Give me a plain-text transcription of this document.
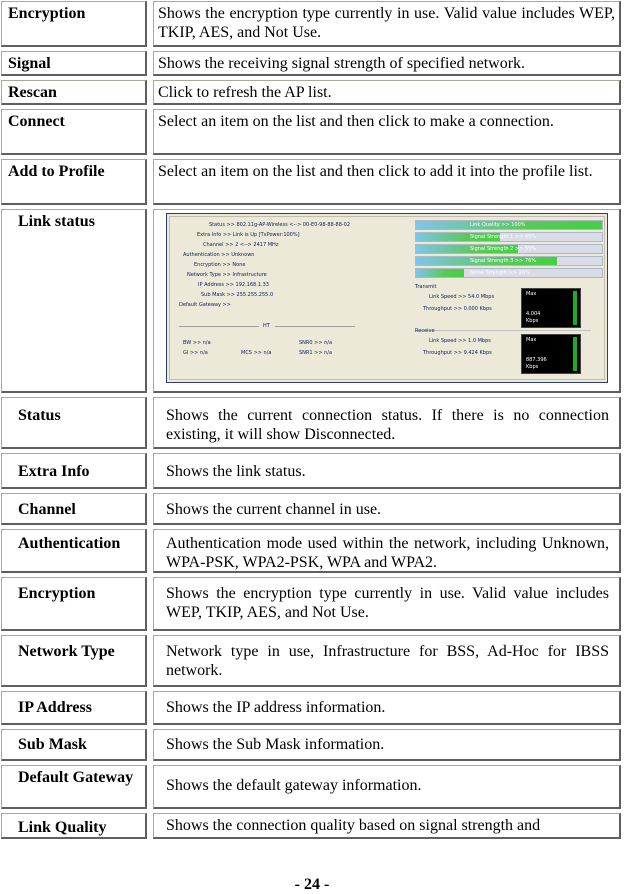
Encryption	Shows the encryption type currently in use. Valid value includes WEP, TKIP, AES, and Not Use.
Signal	Shows the receiving signal strength of specified network.
Rescan	Click to refresh the AP list.
Connect	Select an item on the list and then click to make a connection.
Add to Profile	Select an item on the list and then click to add it into the profile list.
Link status	Status >> 802.11g-AP-Wireless <--> 00-E0-98-88-88-02
Extra Info >> Link is Up [TxPower:100%]
Channel >> 2 <--> 2417 MHz
Authentication >> Unknown
Encryption >> None
Network Type >> Infrastructure
IP Address >> 192.168.1.33
Sub Mask >> 255.255.255.0
Default Gateway >>
HT
BW >> n/a
GI >> n/a	MCS >> n/a
SNR0 >> n/a
SNR1 >> n/a
Link Quality >> 100%
Signal Strength 1 >> 45%
Signal Strength 2 >> 55%
Signal Strength 3 >> 76%
Noise Strength >> 26%
Transmit
Link Speed >> 54.0 Mbps
Throughput >> 0.000 Kbps
Max
4.004
Kbps
Receive
Link Speed >> 1.0 Mbps
Throughput >> 9.424 Kbps
Max
887.396
Kbps
Status	Shows the current connection status. If there is no connection existing, it will show Disconnected.
Extra Info	Shows the link status.
Channel	Shows the current channel in use.
Authentication	Authentication mode used within the network, including Unknown, WPA-PSK, WPA2-PSK, WPA and WPA2.
Encryption	Shows the encryption type currently in use. Valid value includes WEP, TKIP, AES, and Not Use.
Network Type	Network type in use, Infrastructure for BSS, Ad-Hoc for IBSS network.
IP Address	Shows the IP address information.
Sub Mask	Shows the Sub Mask information.
Default Gateway	Shows the default gateway information.
Link Quality	Shows the connection quality based on signal strength and
- 24 -
